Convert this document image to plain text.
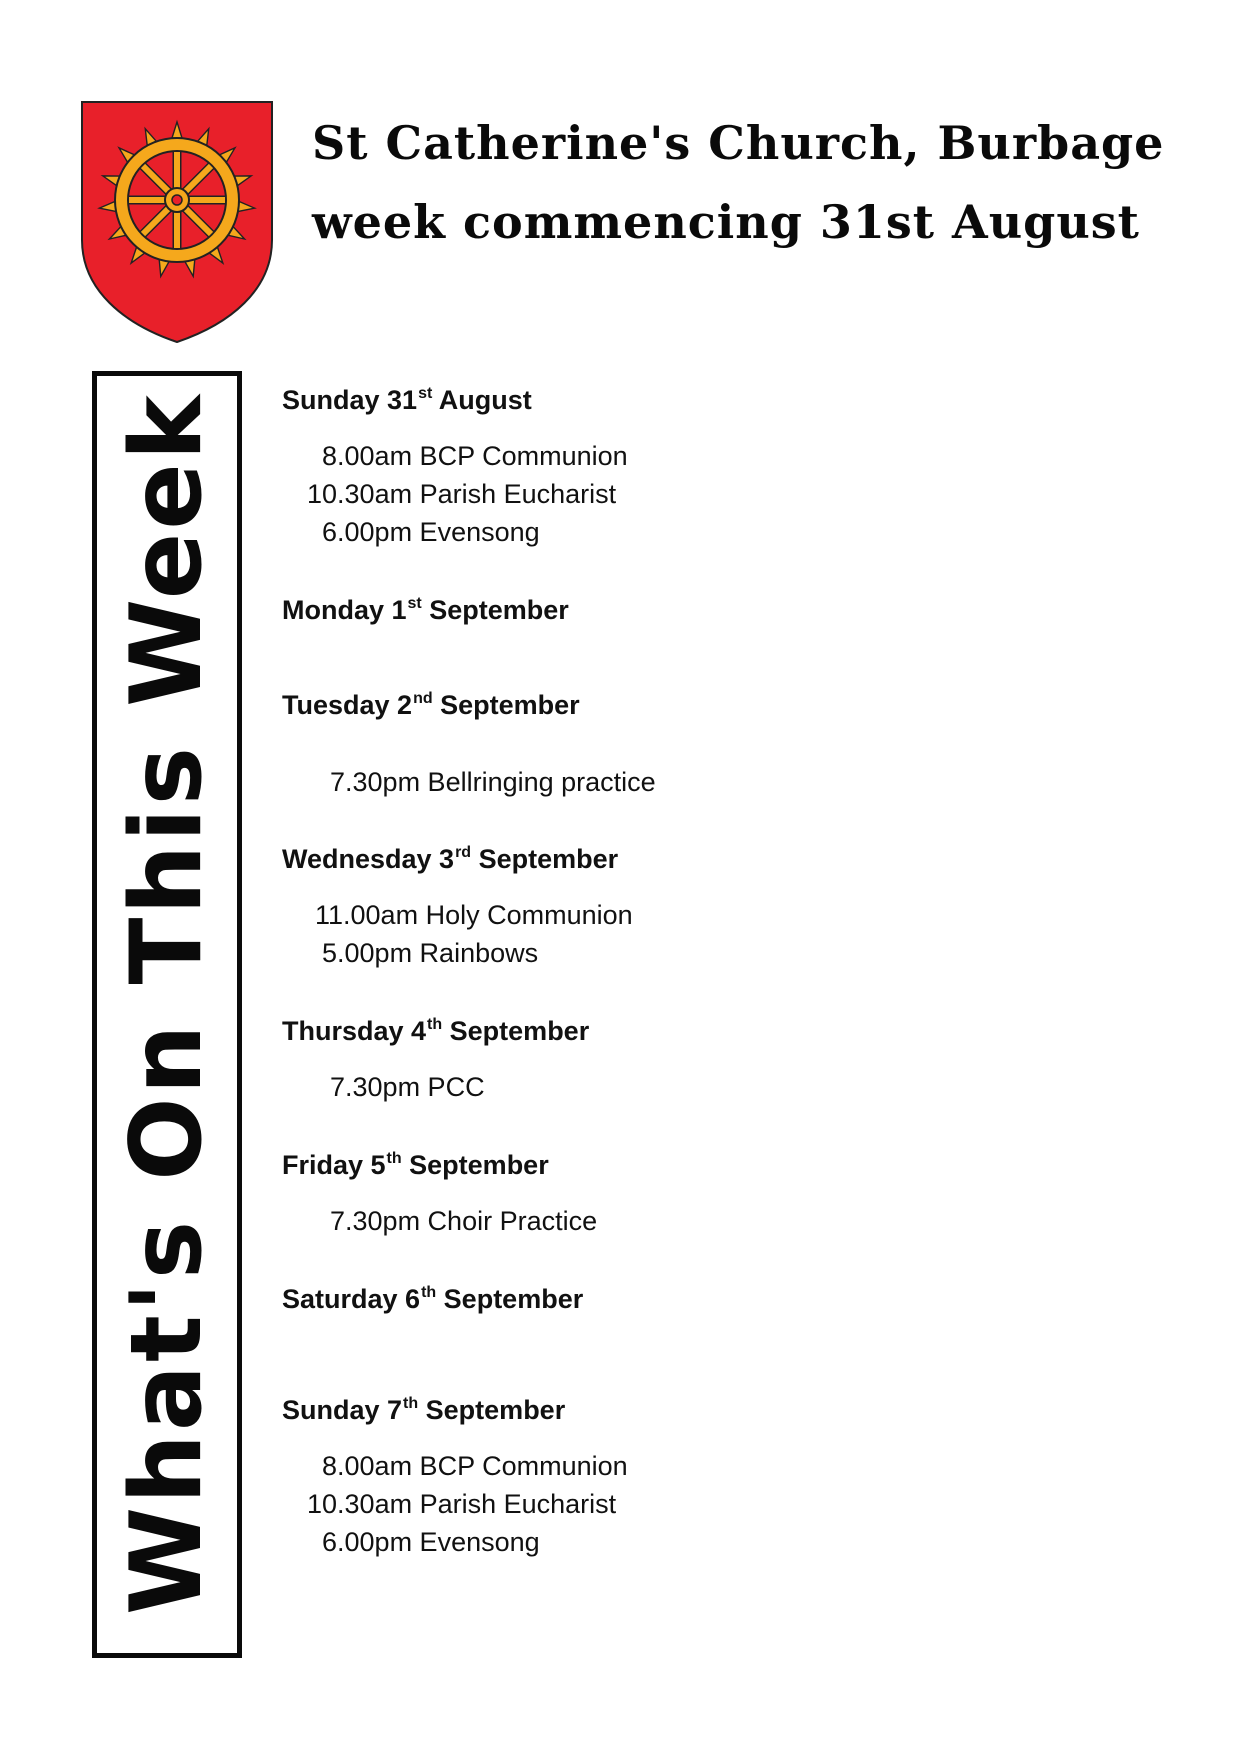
St Catherine's Church, Burbage
week commencing 31st August
What's On This Week Sunday 31st August
8.00am BCP Communion
10.30am Parish Eucharist
6.00pm Evensong
Monday 1st September
Tuesday 2nd September
7.30pm Bellringing practice
Wednesday 3rd September
11.00am Holy Communion
5.00pm Rainbows
Thursday 4th September
7.30pm PCC
Friday 5th September
7.30pm Choir Practice
Saturday 6th September
Sunday 7th September
8.00am BCP Communion
10.30am Parish Eucharist
6.00pm Evensong
